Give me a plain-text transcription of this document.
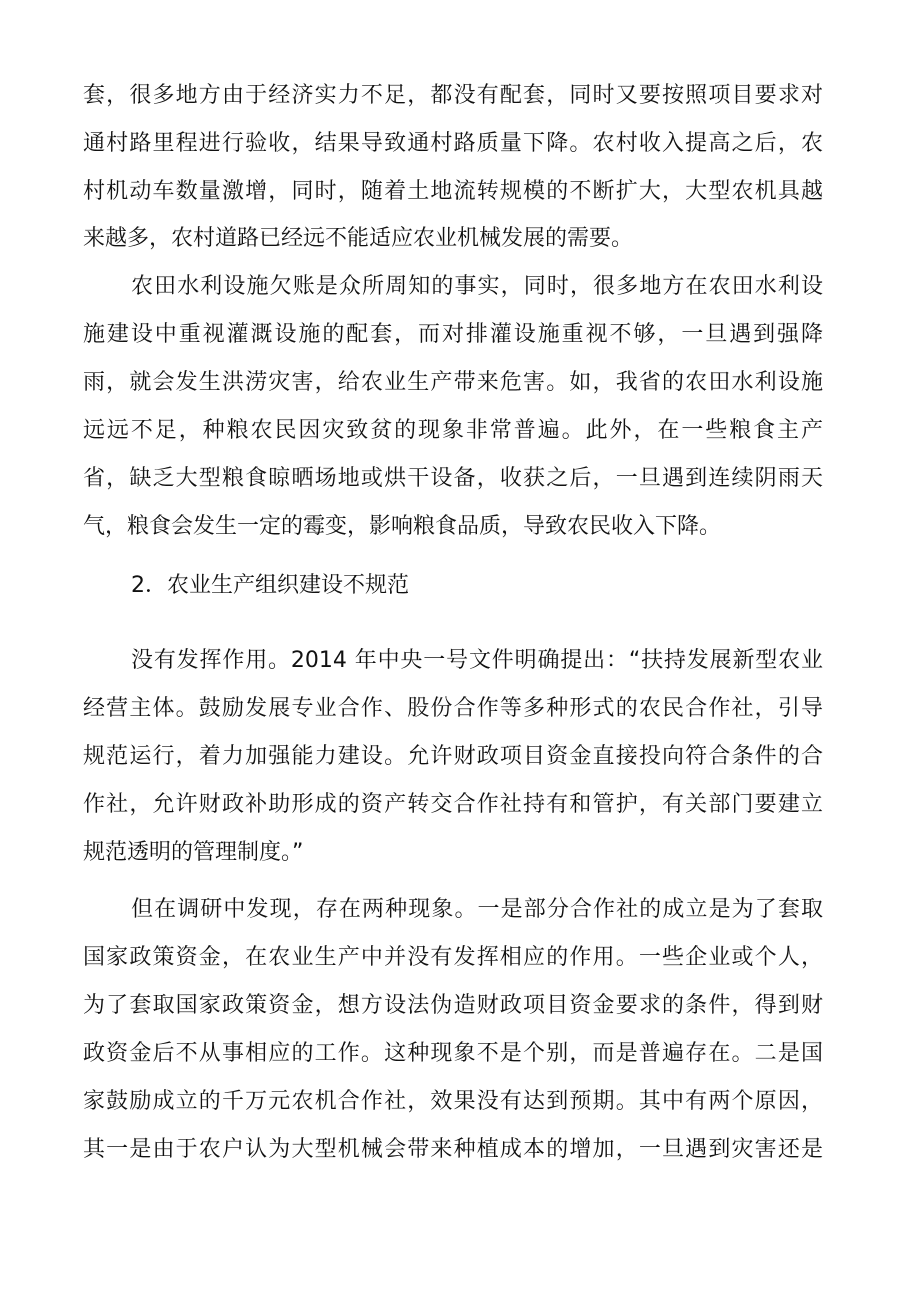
套，很多地方由于经济实力不足，都没有配套，同时又要按照项目要求对
通村路里程进行验收，结果导致通村路质量下降。农村收入提高之后，农
村机动车数量激增，同时，随着土地流转规模的不断扩大，大型农机具越
来越多，农村道路已经远不能适应农业机械发展的需要。
农田水利设施欠账是众所周知的事实，同时，很多地方在农田水利设
施建设中重视灌溉设施的配套，而对排灌设施重视不够，一旦遇到强降
雨，就会发生洪涝灾害，给农业生产带来危害。如，我省的农田水利设施
远远不足，种粮农民因灾致贫的现象非常普遍。此外，在一些粮食主产
省，缺乏大型粮食晾晒场地或烘干设备，收获之后，一旦遇到连续阴雨天
气，粮食会发生一定的霉变，影响粮食品质，导致农民收入下降。
2．农业生产组织建设不规范
没有发挥作用。2014 年中央一号文件明确提出：“扶持发展新型农业
经营主体。鼓励发展专业合作、股份合作等多种形式的农民合作社，引导
规范运行，着力加强能力建设。允许财政项目资金直接投向符合条件的合
作社，允许财政补助形成的资产转交合作社持有和管护，有关部门要建立
规范透明的管理制度。”
但在调研中发现，存在两种现象。一是部分合作社的成立是为了套取
国家政策资金，在农业生产中并没有发挥相应的作用。一些企业或个人，
为了套取国家政策资金，想方设法伪造财政项目资金要求的条件，得到财
政资金后不从事相应的工作。这种现象不是个别，而是普遍存在。二是国
家鼓励成立的千万元农机合作社，效果没有达到预期。其中有两个原因，
其一是由于农户认为大型机械会带来种植成本的增加，一旦遇到灾害还是
